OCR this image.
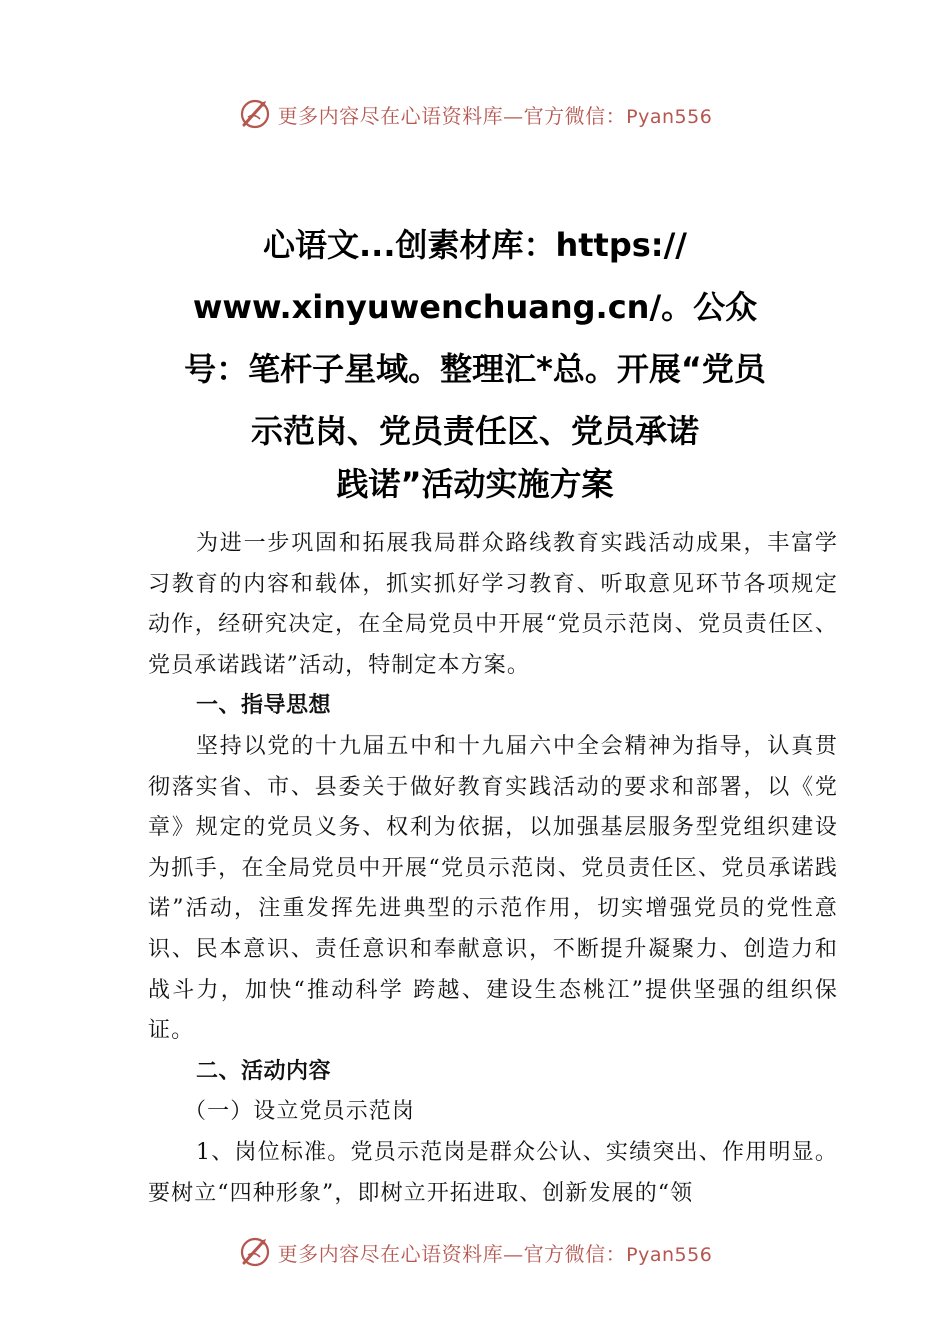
更多内容尽在心语资料库—官方微信：Pyan556
心语文...创素材库：https://
www.xinyuwenchuang.cn/。公众
号：笔杆子星域。整理汇*总。开展“党员
示范岗、党员责任区、党员承诺
践诺”活动实施方案

为进一步巩固和拓展我局群众路线教育实践活动成果，丰富学习教育的内容和载体，抓实抓好学习教育、听取意见环节各项规定动作，经研究决定，在全局党员中开展“党员示范岗、党员责任区、党员承诺践诺”活动，特制定本方案。

一、指导思想

坚持以党的十九届五中和十九届六中全会精神为指导，认真贯彻落实省、市、县委关于做好教育实践活动的要求和部署，以《党章》规定的党员义务、权利为依据，以加强基层服务型党组织建设为抓手，在全局党员中开展“党员示范岗、党员责任区、党员承诺践诺”活动，注重发挥先进典型的示范作用，切实增强党员的党性意识、民本意识、责任意识和奉献意识，不断提升凝聚力、创造力和战斗力，加快“推动科学 跨越、建设生态桃江”提供坚强的组织保证。

二、活动内容

（一）设立党员示范岗

1、岗位标准。党员示范岗是群众公认、实绩突出、作用明显。要树立“四种形象”，即树立开拓进取、创新发展的“领

更多内容尽在心语资料库—官方微信：Pyan556
